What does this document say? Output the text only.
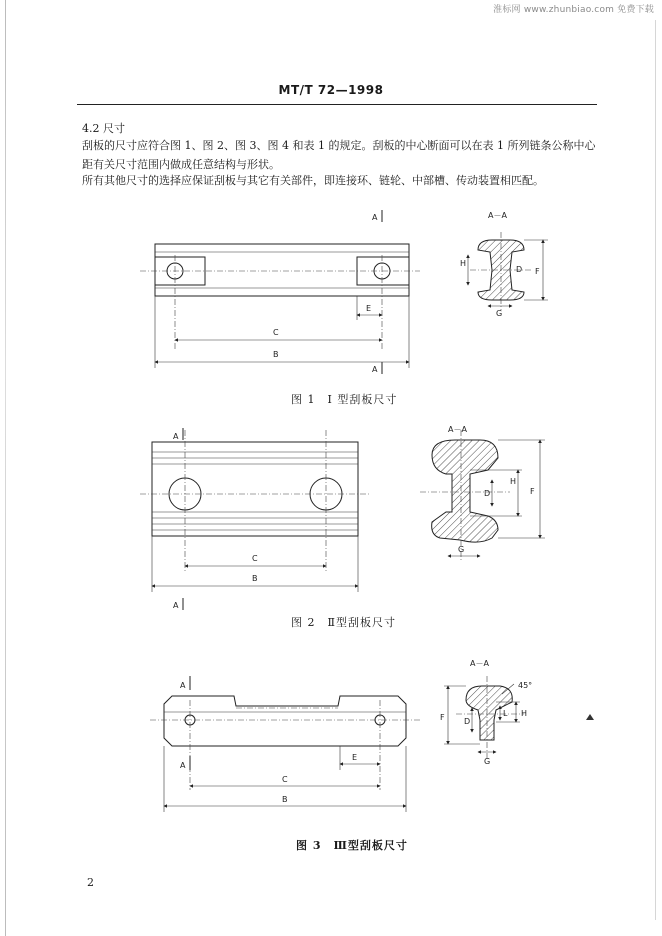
淮标网 www.zhunbiao.com 免费下载
MT/T 72—1998
4.2 尺寸
刮板的尺寸应符合图 1、图 2、图 3、图 4 和表 1 的规定。刮板的中心断面可以在表 1 所列链条公称中心距有关尺寸范围内做成任意结构与形状。
所有其他尺寸的选择应保证刮板与其它有关部件，即连接环、链轮、中部槽、传动装置相匹配。
A
A
E
C
B
A－A
H
D F
G
A
A
C
B
A－A
D
H
F
G
A
A
E
C
B
A－A
F D
L H
45°
G
图 1　I 型刮板尺寸
图 2　Ⅱ型刮板尺寸
图 3　Ⅲ型刮板尺寸
2
